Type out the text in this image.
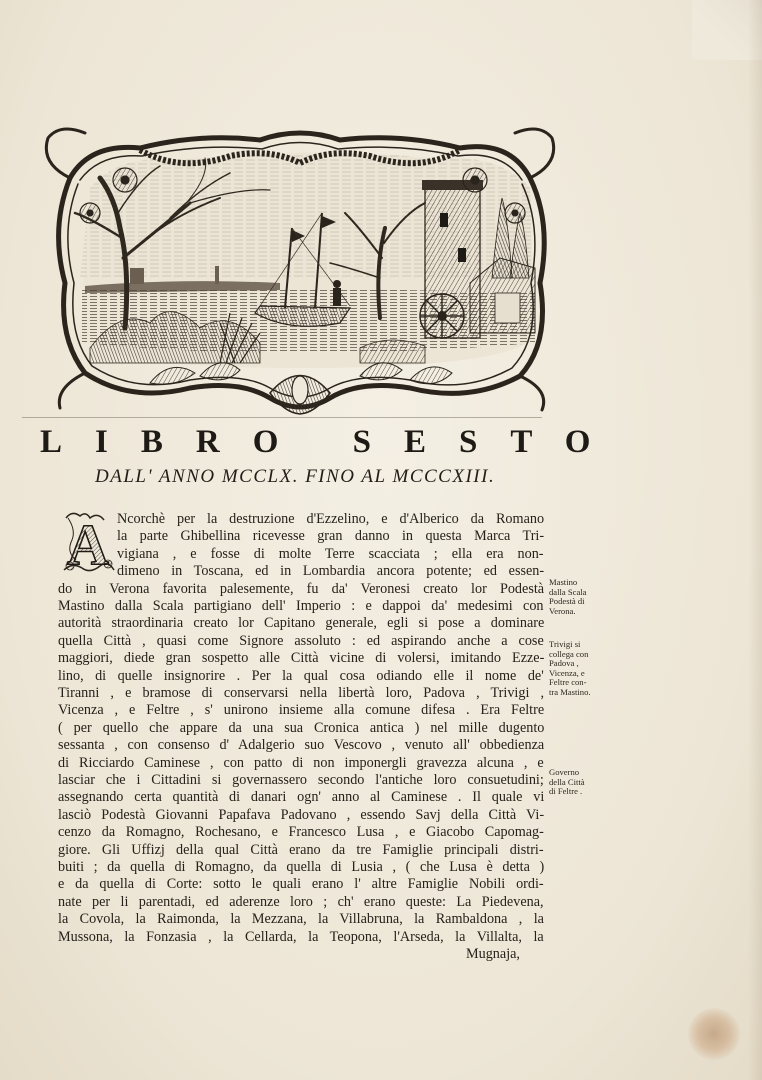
LIBRO SESTO
DALL' ANNO MCCLX. FINO AL MCCCXIII.
A Ncorchè per la destruzione d'Ezzelino, e d'Alberico da Romano
la parte Ghibellina ricevesse gran danno in questa Marca Tri-
vigiana , e fosse di molte Terre scacciata ; ella era non-
dimeno in Toscana, ed in Lombardia ancora potente; ed essen-
do in Verona favorita palesemente, fu da' Veronesi creato lor Podestà
Mastino dalla Scala partigiano dell' Imperio : e dappoi da' medesimi con
autorità straordinaria creato lor Capitano generale, egli si pose a dominare
quella Città , quasi come Signore assoluto : ed aspirando anche a cose
maggiori, diede gran sospetto alle Città vicine di volersi, imitando Ezze-
lino, di quelle insignorire . Per la qual cosa odiando elle il nome de'
Tiranni , e bramose di conservarsi nella libertà loro, Padova , Trivigi ,
Vicenza , e Feltre , s' unirono insieme alla comune difesa . Era Feltre
( per quello che appare da una sua Cronica antica ) nel mille dugento
sessanta , con consenso d' Adalgerio suo Vescovo , venuto all' obbedienza
di Ricciardo Caminese , con patto di non imponergli gravezza alcuna , e
lasciar che i Cittadini si governassero secondo l'antiche loro consuetudini;
assegnando certa quantità di danari ogn' anno al Caminese . Il quale vi
lasciò Podestà Giovanni Papafava Padovano , essendo Savj della Città Vi-
cenzo da Romagno, Rochesano, e Francesco Lusa , e Giacobo Capomag-
giore. Gli Uffizj della qual Città erano da tre Famiglie principali distri-
buiti ; da quella di Romagno, da quella di Lusia , ( che Lusa è detta )
e da quella di Corte: sotto le quali erano l' altre Famiglie Nobili ordi-
nate per li parentadi, ed aderenze loro ; ch' erano queste: La Piedevena,
la Covola, la Raimonda, la Mezzana, la Villabruna, la Rambaldona , la
Mussona, la Fonzasia , la Cellarda, la Teopona, l'Arseda, la Villalta, la
Mugnaja,
Mastino
dalla Scala
Podestà di
Verona.
Trivigi si
collega con
Padova ,
Vicenza, e
Feltre con-
tra Mastino.
Governo
della Città
di Feltre .
